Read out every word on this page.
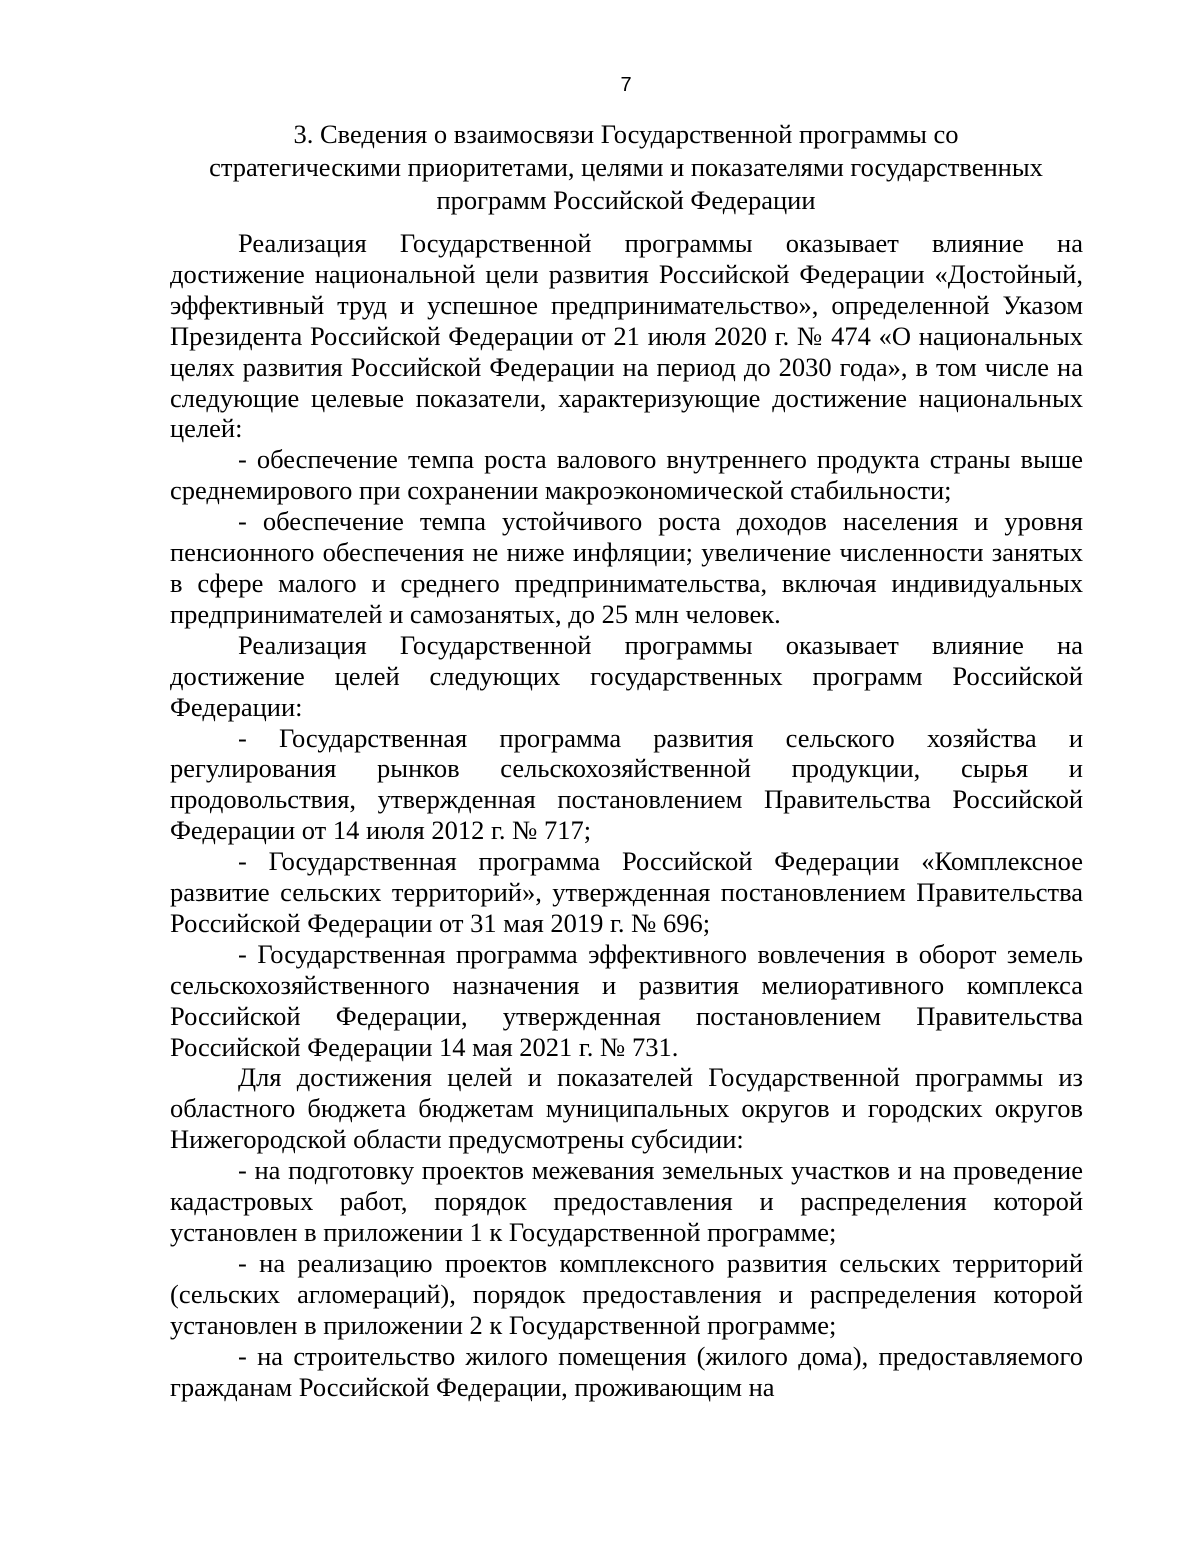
7
3. Сведения о взаимосвязи Государственной программы со
стратегическими приоритетами, целями и показателями государственных
программ Российской Федерации

Реализация Государственной программы оказывает влияние на достижение национальной цели развития Российской Федерации «Достойный, эффективный труд и успешное предпринимательство», определенной Указом Президента Российской Федерации от 21 июля 2020 г. № 474 «О национальных целях развития Российской Федерации на период до 2030 года», в том числе на следующие целевые показатели, характеризующие достижение национальных целей:

- обеспечение темпа роста валового внутреннего продукта страны выше среднемирового при сохранении макроэкономической стабильности;

- обеспечение темпа устойчивого роста доходов населения и уровня пенсионного обеспечения не ниже инфляции; увеличение численности занятых в сфере малого и среднего предпринимательства, включая индивидуальных предпринимателей и самозанятых, до 25 млн человек.

Реализация Государственной программы оказывает влияние на достижение целей следующих государственных программ Российской Федерации:

- Государственная программа развития сельского хозяйства и регулирования рынков сельскохозяйственной продукции, сырья и продовольствия, утвержденная постановлением Правительства Российской Федерации от 14 июля 2012 г. № 717;

- Государственная программа Российской Федерации «Комплексное развитие сельских территорий», утвержденная постановлением Правительства Российской Федерации от 31 мая 2019 г. № 696;

- Государственная программа эффективного вовлечения в оборот земель сельскохозяйственного назначения и развития мелиоративного комплекса Российской Федерации, утвержденная постановлением Правительства Российской Федерации 14 мая 2021 г. № 731.

Для достижения целей и показателей Государственной программы из областного бюджета бюджетам муниципальных округов и городских округов Нижегородской области предусмотрены субсидии:

- на подготовку проектов межевания земельных участков и на проведение кадастровых работ, порядок предоставления и распределения которой установлен в приложении 1 к Государственной программе;

- на реализацию проектов комплексного развития сельских территорий (сельских агломераций), порядок предоставления и распределения которой установлен в приложении 2 к Государственной программе;

- на строительство жилого помещения (жилого дома), предоставляемого гражданам Российской Федерации, проживающим на
